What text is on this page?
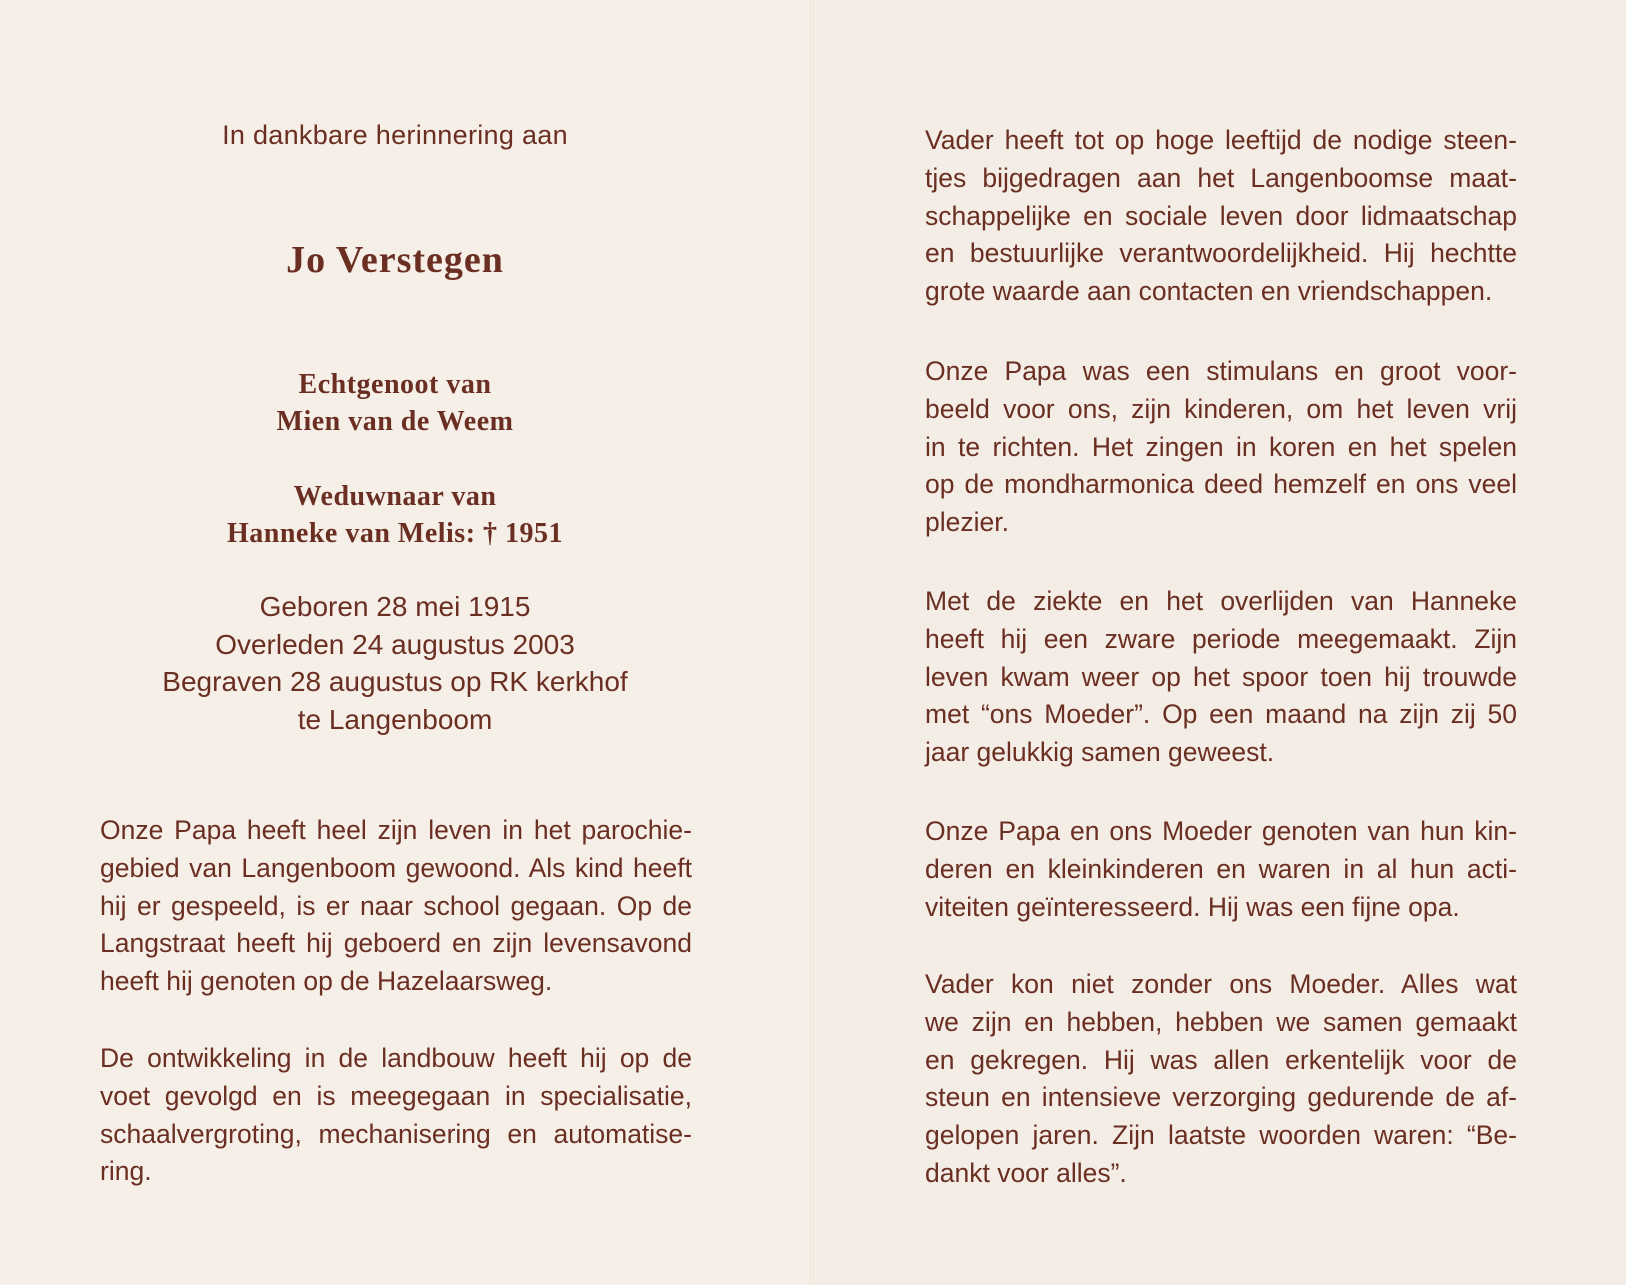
In dankbare herinnering aan
Jo Verstegen
Echtgenoot van
Mien van de Weem
Weduwnaar van
Hanneke van Melis: † 1951
Geboren 28 mei 1915
Overleden 24 augustus 2003
Begraven 28 augustus op RK kerkhof
te Langenboom

Onze Papa heeft heel zijn leven in het parochie-
gebied van Langenboom gewoond. Als kind heeft
hij er gespeeld, is er naar school gegaan. Op de
Langstraat heeft hij geboerd en zijn levensavond
heeft hij genoten op de Hazelaarsweg.

De ontwikkeling in de landbouw heeft hij op de
voet gevolgd en is meegegaan in specialisatie,
schaalvergroting, mechanisering en automatise-
ring.

Vader heeft tot op hoge leeftijd de nodige steen-
tjes bijgedragen aan het Langenboomse maat-
schappelijke en sociale leven door lidmaatschap
en bestuurlijke verantwoordelijkheid. Hij hechtte
grote waarde aan contacten en vriendschappen.

Onze Papa was een stimulans en groot voor-
beeld voor ons, zijn kinderen, om het leven vrij
in te richten. Het zingen in koren en het spelen
op de mondharmonica deed hemzelf en ons veel
plezier.

Met de ziekte en het overlijden van Hanneke
heeft hij een zware periode meegemaakt. Zijn
leven kwam weer op het spoor toen hij trouwde
met “ons Moeder”. Op een maand na zijn zij 50
jaar gelukkig samen geweest.

Onze Papa en ons Moeder genoten van hun kin-
deren en kleinkinderen en waren in al hun acti-
viteiten geïnteresseerd. Hij was een fijne opa.

Vader kon niet zonder ons Moeder. Alles wat
we zijn en hebben, hebben we samen gemaakt
en gekregen. Hij was allen erkentelijk voor de
steun en intensieve verzorging gedurende de af-
gelopen jaren. Zijn laatste woorden waren: “Be-
dankt voor alles”.
